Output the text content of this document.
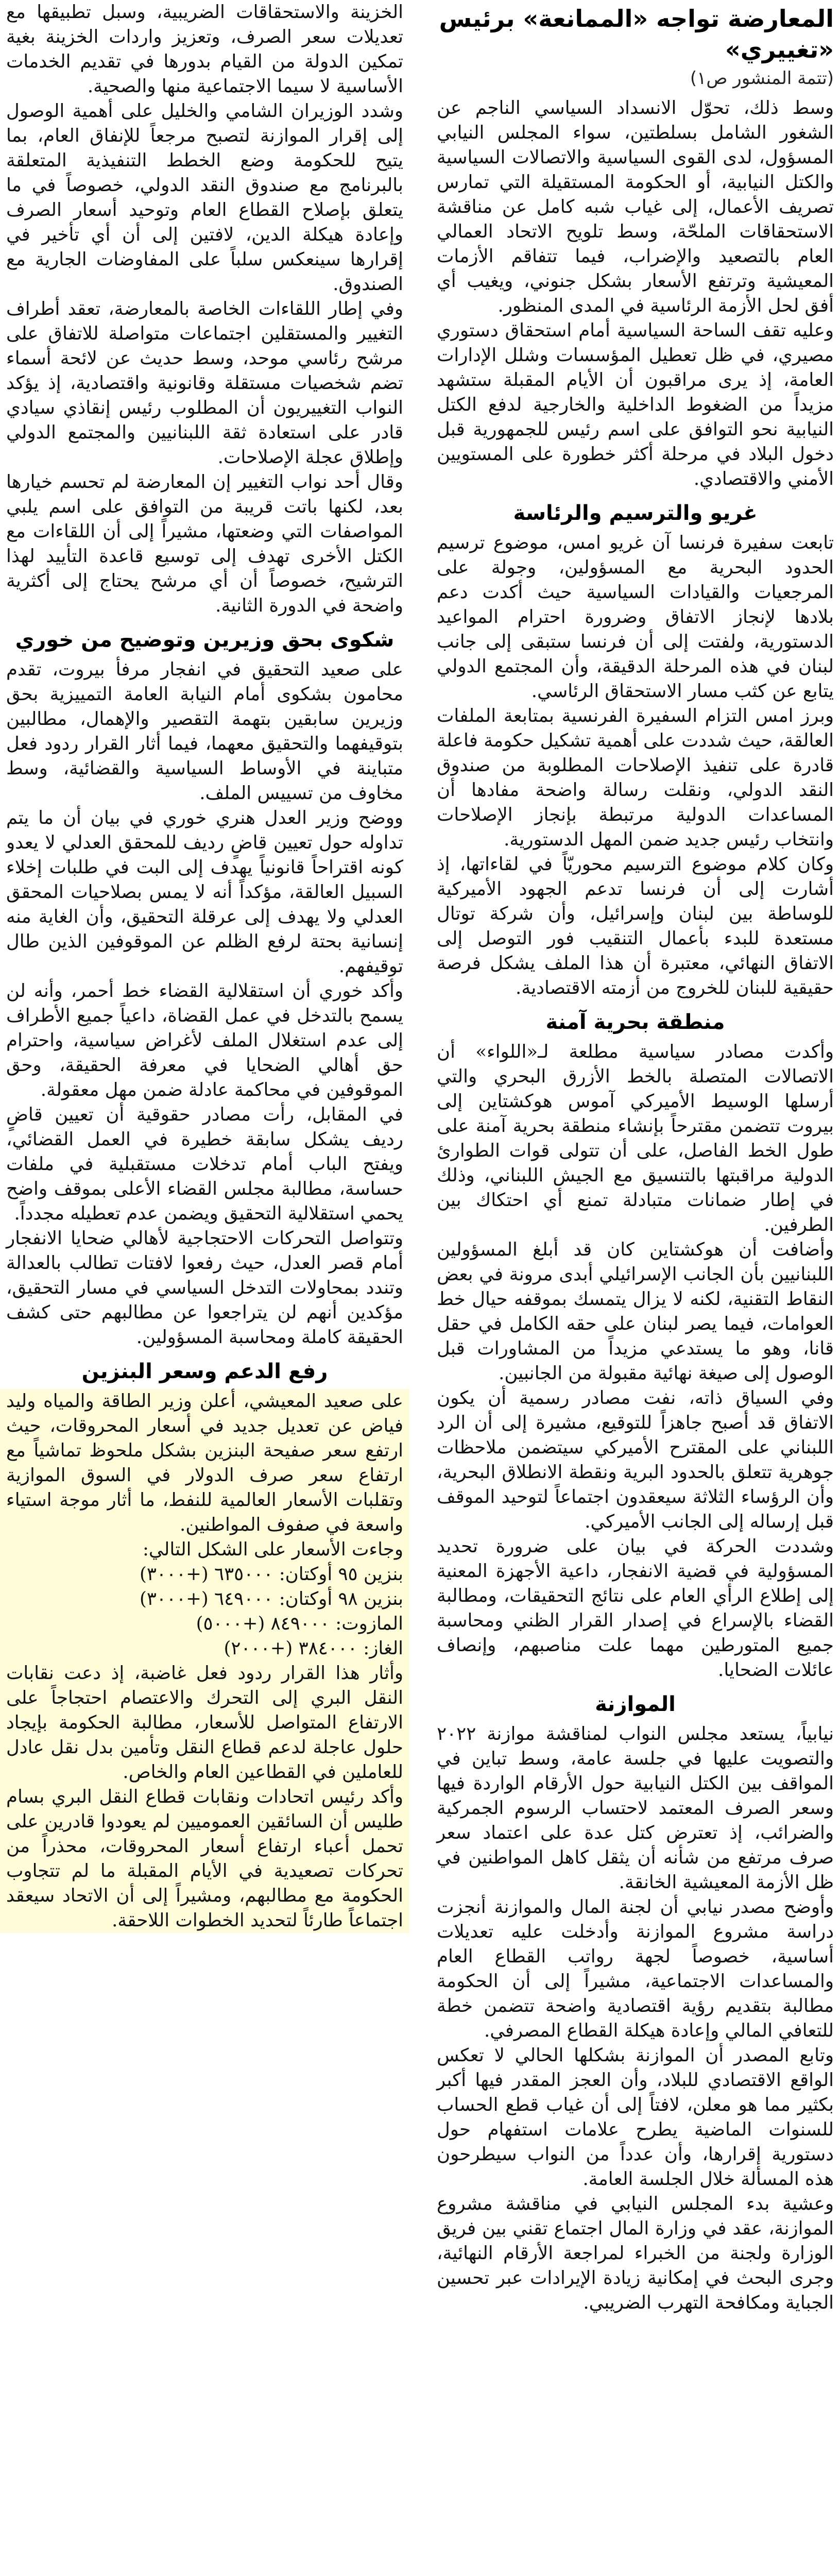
المعارضة تواجه «الممانعة» برئيس «تغييري»
(تتمة المنشور ص١)

وسط ذلك، تحوّل الانسداد السياسي الناجم عن الشغور الشامل بسلطتين، سواء المجلس النيابي المسؤول، لدى القوى السياسية والاتصالات السياسية والكتل النيابية، أو الحكومة المستقيلة التي تمارس تصريف الأعمال، إلى غياب شبه كامل عن مناقشة الاستحقاقات الملحّة، وسط تلويح الاتحاد العمالي العام بالتصعيد والإضراب، فيما تتفاقم الأزمات المعيشية وترتفع الأسعار بشكل جنوني، ويغيب أي أفق لحل الأزمة الرئاسية في المدى المنظور.

وعليه تقف الساحة السياسية أمام استحقاق دستوري مصيري، في ظل تعطيل المؤسسات وشلل الإدارات العامة، إذ يرى مراقبون أن الأيام المقبلة ستشهد مزيداً من الضغوط الداخلية والخارجية لدفع الكتل النيابية نحو التوافق على اسم رئيس للجمهورية قبل دخول البلاد في مرحلة أكثر خطورة على المستويين الأمني والاقتصادي.

غريو والترسيم والرئاسة

تابعت سفيرة فرنسا آن غريو امس، موضوع ترسيم الحدود البحرية مع المسؤولين، وجولة على المرجعيات والقيادات السياسية حيث أكدت دعم بلادها لإنجاز الاتفاق وضرورة احترام المواعيد الدستورية، ولفتت إلى أن فرنسا ستبقى إلى جانب لبنان في هذه المرحلة الدقيقة، وأن المجتمع الدولي يتابع عن كثب مسار الاستحقاق الرئاسي.

وبرز امس التزام السفيرة الفرنسية بمتابعة الملفات العالقة، حيث شددت على أهمية تشكيل حكومة فاعلة قادرة على تنفيذ الإصلاحات المطلوبة من صندوق النقد الدولي، ونقلت رسالة واضحة مفادها أن المساعدات الدولية مرتبطة بإنجاز الإصلاحات وانتخاب رئيس جديد ضمن المهل الدستورية.

وكان كلام موضوع الترسيم محوريّاً في لقاءاتها، إذ أشارت إلى أن فرنسا تدعم الجهود الأميركية للوساطة بين لبنان وإسرائيل، وأن شركة توتال مستعدة للبدء بأعمال التنقيب فور التوصل إلى الاتفاق النهائي، معتبرة أن هذا الملف يشكل فرصة حقيقية للبنان للخروج من أزمته الاقتصادية.

منطقة بحرية آمنة

وأكدت مصادر سياسية مطلعة لـ«اللواء» أن الاتصالات المتصلة بالخط الأزرق البحري والتي أرسلها الوسيط الأميركي آموس هوكشتاين إلى بيروت تتضمن مقترحاً بإنشاء منطقة بحرية آمنة على طول الخط الفاصل، على أن تتولى قوات الطوارئ الدولية مراقبتها بالتنسيق مع الجيش اللبناني، وذلك في إطار ضمانات متبادلة تمنع أي احتكاك بين الطرفين.

وأضافت أن هوكشتاين كان قد أبلغ المسؤولين اللبنانيين بأن الجانب الإسرائيلي أبدى مرونة في بعض النقاط التقنية، لكنه لا يزال يتمسك بموقفه حيال خط العوامات، فيما يصر لبنان على حقه الكامل في حقل قانا، وهو ما يستدعي مزيداً من المشاورات قبل الوصول إلى صيغة نهائية مقبولة من الجانبين.

وفي السياق ذاته، نفت مصادر رسمية أن يكون الاتفاق قد أصبح جاهزاً للتوقيع، مشيرة إلى أن الرد اللبناني على المقترح الأميركي سيتضمن ملاحظات جوهرية تتعلق بالحدود البرية ونقطة الانطلاق البحرية، وأن الرؤساء الثلاثة سيعقدون اجتماعاً لتوحيد الموقف قبل إرساله إلى الجانب الأميركي.

وشددت الحركة في بيان على ضرورة تحديد المسؤولية في قضية الانفجار، داعية الأجهزة المعنية إلى إطلاع الرأي العام على نتائج التحقيقات، ومطالبة القضاء بالإسراع في إصدار القرار الظني ومحاسبة جميع المتورطين مهما علت مناصبهم، وإنصاف عائلات الضحايا.

الموازنة

نيابياً، يستعد مجلس النواب لمناقشة موازنة ٢٠٢٢ والتصويت عليها في جلسة عامة، وسط تباين في المواقف بين الكتل النيابية حول الأرقام الواردة فيها وسعر الصرف المعتمد لاحتساب الرسوم الجمركية والضرائب، إذ تعترض كتل عدة على اعتماد سعر صرف مرتفع من شأنه أن يثقل كاهل المواطنين في ظل الأزمة المعيشية الخانقة.

وأوضح مصدر نيابي أن لجنة المال والموازنة أنجزت دراسة مشروع الموازنة وأدخلت عليه تعديلات أساسية، خصوصاً لجهة رواتب القطاع العام والمساعدات الاجتماعية، مشيراً إلى أن الحكومة مطالبة بتقديم رؤية اقتصادية واضحة تتضمن خطة للتعافي المالي وإعادة هيكلة القطاع المصرفي.

وتابع المصدر أن الموازنة بشكلها الحالي لا تعكس الواقع الاقتصادي للبلاد، وأن العجز المقدر فيها أكبر بكثير مما هو معلن، لافتاً إلى أن غياب قطع الحساب للسنوات الماضية يطرح علامات استفهام حول دستورية إقرارها، وأن عدداً من النواب سيطرحون هذه المسألة خلال الجلسة العامة.

وعشية بدء المجلس النيابي في مناقشة مشروع الموازنة، عقد في وزارة المال اجتماع تقني بين فريق الوزارة ولجنة من الخبراء لمراجعة الأرقام النهائية، وجرى البحث في إمكانية زيادة الإيرادات عبر تحسين الجباية ومكافحة التهرب الضريبي.

الخزينة والاستحقاقات الضريبية، وسبل تطبيقها مع تعديلات سعر الصرف، وتعزيز واردات الخزينة بغية تمكين الدولة من القيام بدورها في تقديم الخدمات الأساسية لا سيما الاجتماعية منها والصحية.

وشدد الوزيران الشامي والخليل على أهمية الوصول إلى إقرار الموازنة لتصبح مرجعاً للإنفاق العام، بما يتيح للحكومة وضع الخطط التنفيذية المتعلقة بالبرنامج مع صندوق النقد الدولي، خصوصاً في ما يتعلق بإصلاح القطاع العام وتوحيد أسعار الصرف وإعادة هيكلة الدين، لافتين إلى أن أي تأخير في إقرارها سينعكس سلباً على المفاوضات الجارية مع الصندوق.

وفي إطار اللقاءات الخاصة بالمعارضة، تعقد أطراف التغيير والمستقلين اجتماعات متواصلة للاتفاق على مرشح رئاسي موحد، وسط حديث عن لائحة أسماء تضم شخصيات مستقلة وقانونية واقتصادية، إذ يؤكد النواب التغييريون أن المطلوب رئيس إنقاذي سيادي قادر على استعادة ثقة اللبنانيين والمجتمع الدولي وإطلاق عجلة الإصلاحات.

وقال أحد نواب التغيير إن المعارضة لم تحسم خيارها بعد، لكنها باتت قريبة من التوافق على اسم يلبي المواصفات التي وضعتها، مشيراً إلى أن اللقاءات مع الكتل الأخرى تهدف إلى توسيع قاعدة التأييد لهذا الترشيح، خصوصاً أن أي مرشح يحتاج إلى أكثرية واضحة في الدورة الثانية.

شكوى بحق وزيرين وتوضيح من خوري

على صعيد التحقيق في انفجار مرفأ بيروت، تقدم محامون بشكوى أمام النيابة العامة التمييزية بحق وزيرين سابقين بتهمة التقصير والإهمال، مطالبين بتوقيفهما والتحقيق معهما، فيما أثار القرار ردود فعل متباينة في الأوساط السياسية والقضائية، وسط مخاوف من تسييس الملف.

ووضح وزير العدل هنري خوري في بيان أن ما يتم تداوله حول تعيين قاضٍ رديف للمحقق العدلي لا يعدو كونه اقتراحاً قانونياً يهدف إلى البت في طلبات إخلاء السبيل العالقة، مؤكداً أنه لا يمس بصلاحيات المحقق العدلي ولا يهدف إلى عرقلة التحقيق، وأن الغاية منه إنسانية بحتة لرفع الظلم عن الموقوفين الذين طال توقيفهم.

وأكد خوري أن استقلالية القضاء خط أحمر، وأنه لن يسمح بالتدخل في عمل القضاة، داعياً جميع الأطراف إلى عدم استغلال الملف لأغراض سياسية، واحترام حق أهالي الضحايا في معرفة الحقيقة، وحق الموقوفين في محاكمة عادلة ضمن مهل معقولة.

في المقابل، رأت مصادر حقوقية أن تعيين قاضٍ رديف يشكل سابقة خطيرة في العمل القضائي، ويفتح الباب أمام تدخلات مستقبلية في ملفات حساسة، مطالبة مجلس القضاء الأعلى بموقف واضح يحمي استقلالية التحقيق ويضمن عدم تعطيله مجدداً.

وتتواصل التحركات الاحتجاجية لأهالي ضحايا الانفجار أمام قصر العدل، حيث رفعوا لافتات تطالب بالعدالة وتندد بمحاولات التدخل السياسي في مسار التحقيق، مؤكدين أنهم لن يتراجعوا عن مطالبهم حتى كشف الحقيقة كاملة ومحاسبة المسؤولين.

رفع الدعم وسعر البنزين

على صعيد المعيشي، أعلن وزير الطاقة والمياه وليد فياض عن تعديل جديد في أسعار المحروقات، حيث ارتفع سعر صفيحة البنزين بشكل ملحوظ تماشياً مع ارتفاع سعر صرف الدولار في السوق الموازية وتقلبات الأسعار العالمية للنفط، ما أثار موجة استياء واسعة في صفوف المواطنين.

وجاءت الأسعار على الشكل التالي:

بنزين ٩٥ أوكتان: ٦٣٥٠٠٠ (+٣٠٠٠)

بنزين ٩٨ أوكتان: ٦٤٩٠٠٠ (+٣٠٠٠)

المازوت: ٨٤٩٠٠٠ (+٥٠٠٠)

الغاز: ٣٨٤٠٠٠ (+٢٠٠٠)

وأثار هذا القرار ردود فعل غاضبة، إذ دعت نقابات النقل البري إلى التحرك والاعتصام احتجاجاً على الارتفاع المتواصل للأسعار، مطالبة الحكومة بإيجاد حلول عاجلة لدعم قطاع النقل وتأمين بدل نقل عادل للعاملين في القطاعين العام والخاص.

وأكد رئيس اتحادات ونقابات قطاع النقل البري بسام طليس أن السائقين العموميين لم يعودوا قادرين على تحمل أعباء ارتفاع أسعار المحروقات، محذراً من تحركات تصعيدية في الأيام المقبلة ما لم تتجاوب الحكومة مع مطالبهم، ومشيراً إلى أن الاتحاد سيعقد اجتماعاً طارئاً لتحديد الخطوات اللاحقة.
